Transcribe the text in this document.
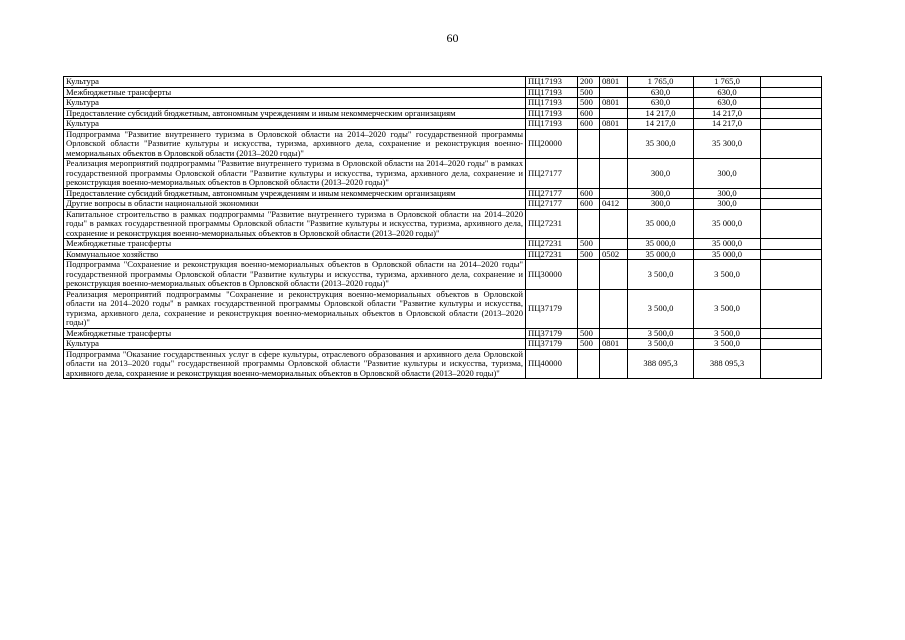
60
Культура	ПЦ17193	200	0801	1 765,0	1 765,0	
Межбюджетные трансферты	ПЦ17193	500		630,0	630,0	
Культура	ПЦ17193	500	0801	630,0	630,0	
Предоставление субсидий бюджетным, автономным учреждениям и иным некоммерческим организациям	ПЦ17193	600		14 217,0	14 217,0	
Культура	ПЦ17193	600	0801	14 217,0	14 217,0	
Подпрограмма "Развитие внутреннего туризма в Орловской области на 2014–2020 годы" государственной программы Орловской области "Развитие культуры и искусства, туризма, архивного дела, сохранение и реконструкция военно-мемориальных объектов в Орловской области (2013–2020 годы)"	ПЦ20000			35 300,0	35 300,0	
Реализация мероприятий подпрограммы "Развитие внутреннего туризма в Орловской области на 2014–2020 годы" в рамках государственной программы Орловской области "Развитие культуры и искусства, туризма, архивного дела, сохранение и реконструкция военно-мемориальных объектов в Орловской области (2013–2020 годы)"	ПЦ27177			300,0	300,0	
Предоставление субсидий бюджетным, автономным учреждениям и иным некоммерческим организациям	ПЦ27177	600		300,0	300,0	
Другие вопросы в области национальной экономики	ПЦ27177	600	0412	300,0	300,0	
Капитальное строительство в рамках подпрограммы "Развитие внутреннего туризма в Орловской области на 2014–2020 годы" в рамках государственной программы Орловской области "Развитие культуры и искусства, туризма, архивного дела, сохранение и реконструкция военно-мемориальных объектов в Орловской области (2013–2020 годы)"	ПЦ27231			35 000,0	35 000,0	
Межбюджетные трансферты	ПЦ27231	500		35 000,0	35 000,0	
Коммунальное хозяйство	ПЦ27231	500	0502	35 000,0	35 000,0	
Подпрограмма "Сохранение и реконструкция военно-мемориальных объектов в Орловской области на 2014–2020 годы" государственной программы Орловской области "Развитие культуры и искусства, туризма, архивного дела, сохранение и реконструкция военно-мемориальных объектов в Орловской области (2013–2020 годы)"	ПЦ30000			3 500,0	3 500,0	
Реализация мероприятий подпрограммы "Сохранение и реконструкция военно-мемориальных объектов в Орловской области на 2014–2020 годы" в рамках государственной программы Орловской области "Развитие культуры и искусства, туризма, архивного дела, сохранение и реконструкция военно-мемориальных объектов в Орловской области (2013–2020 годы)"	ПЦ37179			3 500,0	3 500,0	
Межбюджетные трансферты	ПЦ37179	500		3 500,0	3 500,0	
Культура	ПЦ37179	500	0801	3 500,0	3 500,0	
Подпрограмма "Оказание государственных услуг в сфере культуры, отраслевого образования и архивного дела Орловской области на 2013–2020 годы" государственной программы Орловской области "Развитие культуры и искусства, туризма, архивного дела, сохранение и реконструкция военно-мемориальных объектов в Орловской области (2013–2020 годы)"	ПЦ40000			388 095,3	388 095,3	
